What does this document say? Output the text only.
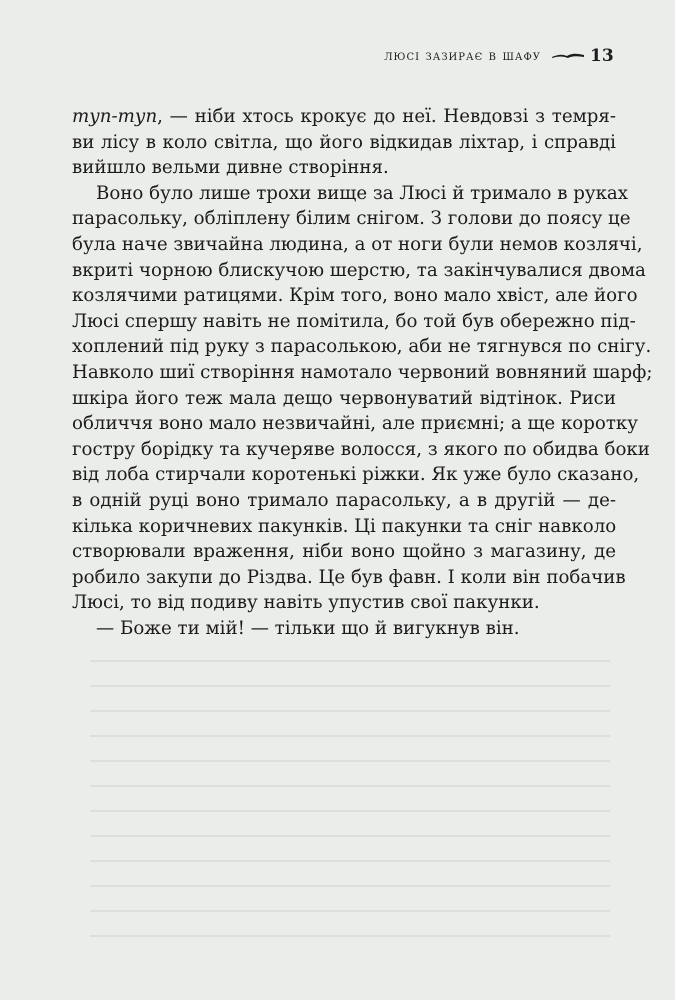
люсі зазирає в шафу	13
туп-туп, — ніби хтось крокує до неї. Невдовзі з темря-
ви лісу в коло світла, що його відкидав ліхтар, і справді
вийшло вельми дивне створіння.
Воно було лише трохи вище за Люсі й тримало в руках
парасольку, обліплену білим снігом. З голови до поясу це
була наче звичайна людина, а от ноги були немов козлячі,
вкриті чорною блискучою шерстю, та закінчувалися двома
козлячими ратицями. Крім того, воно мало хвіст, але його
Люсі спершу навіть не помітила, бо той був обережно під-
хоплений під руку з парасолькою, аби не тягнувся по снігу.
Навколо шиї створіння намотало червоний вовняний шарф;
шкіра його теж мала дещо червонуватий відтінок. Риси
обличчя воно мало незвичайні, але приємні; а ще коротку
гостру борідку та кучеряве волосся, з якого по обидва боки
від лоба стирчали коротенькі ріжки. Як уже було сказано,
в одній руці воно тримало парасольку, а в другій — де-
кілька коричневих пакунків. Ці пакунки та сніг навколо
створювали враження, ніби воно щойно з магазину, де
робило закупи до Різдва. Це був фавн. І коли він побачив
Люсі, то від подиву навіть упустив свої пакунки.
— Боже ти мій! — тільки що й вигукнув він.
